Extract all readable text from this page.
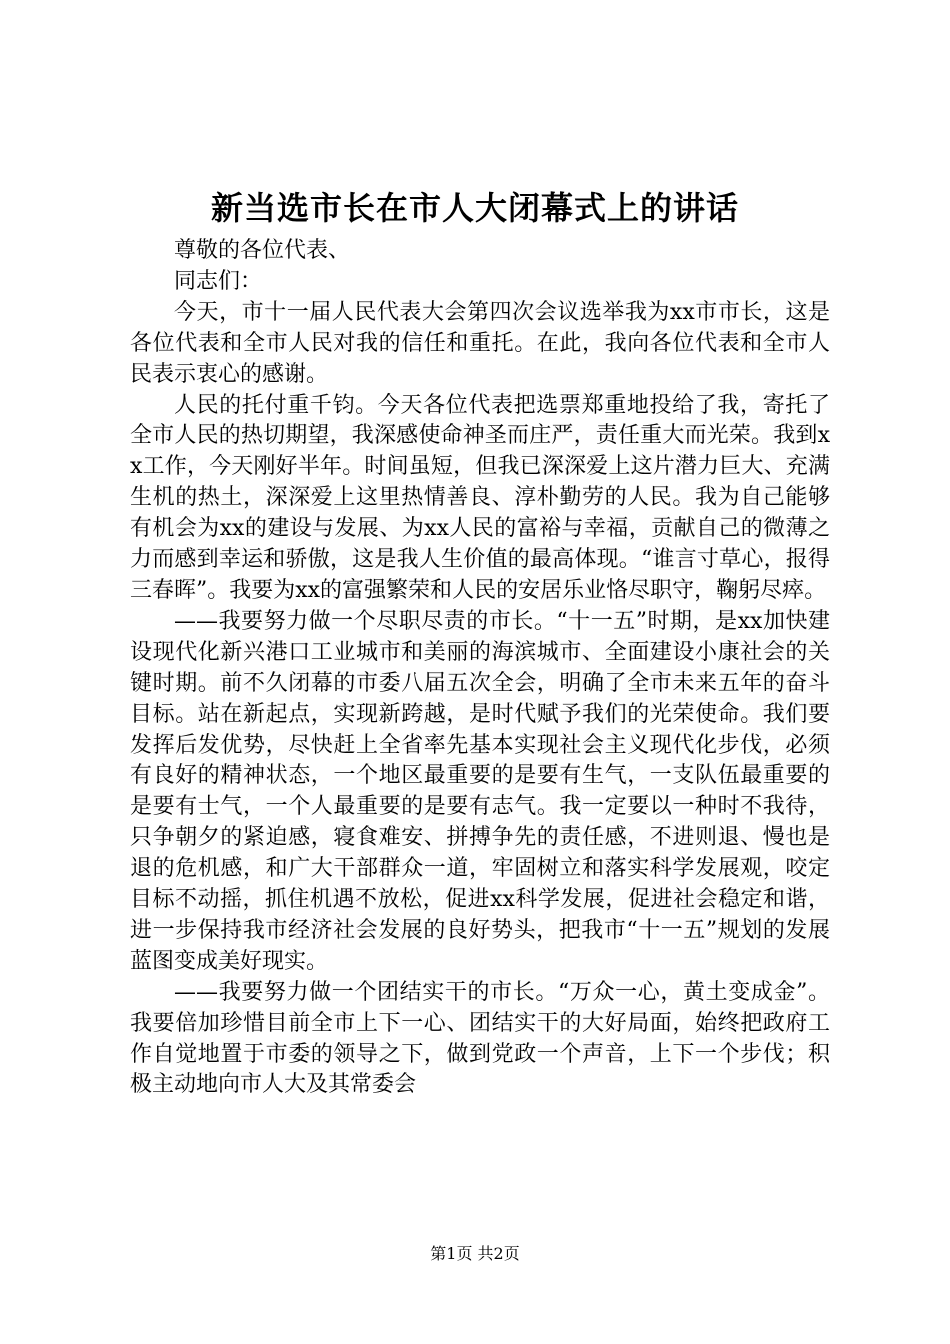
新当选市长在市人大闭幕式上的讲话

尊敬的各位代表、

同志们：

今天，市十一届人民代表大会第四次会议选举我为xx市市长，这是各位代表和全市人民对我的信任和重托。在此，我向各位代表和全市人民表示衷心的感谢。

人民的托付重千钧。今天各位代表把选票郑重地投给了我，寄托了全市人民的热切期望，我深感使命神圣而庄严，责任重大而光荣。我到xx工作，今天刚好半年。时间虽短，但我已深深爱上这片潜力巨大、充满生机的热土，深深爱上这里热情善良、淳朴勤劳的人民。我为自己能够有机会为xx的建设与发展、为xx人民的富裕与幸福，贡献自己的微薄之力而感到幸运和骄傲，这是我人生价值的最高体现。“谁言寸草心，报得三春晖”。我要为xx的富强繁荣和人民的安居乐业恪尽职守，鞠躬尽瘁。

——我要努力做一个尽职尽责的市长。“十一五”时期，是xx加快建设现代化新兴港口工业城市和美丽的海滨城市、全面建设小康社会的关键时期。前不久闭幕的市委八届五次全会，明确了全市未来五年的奋斗目标。站在新起点，实现新跨越，是时代赋予我们的光荣使命。我们要发挥后发优势，尽快赶上全省率先基本实现社会主义现代化步伐，必须有良好的精神状态，一个地区最重要的是要有生气，一支队伍最重要的是要有士气，一个人最重要的是要有志气。我一定要以一种时不我待，只争朝夕的紧迫感，寝食难安、拼搏争先的责任感，不进则退、慢也是退的危机感，和广大干部群众一道，牢固树立和落实科学发展观，咬定目标不动摇，抓住机遇不放松，促进xx科学发展，促进社会稳定和谐，进一步保持我市经济社会发展的良好势头，把我市“十一五”规划的发展蓝图变成美好现实。

——我要努力做一个团结实干的市长。“万众一心，黄土变成金”。我要倍加珍惜目前全市上下一心、团结实干的大好局面，始终把政府工作自觉地置于市委的领导之下，做到党政一个声音，上下一个步伐；积极主动地向市人大及其常委会

第1页 共2页
